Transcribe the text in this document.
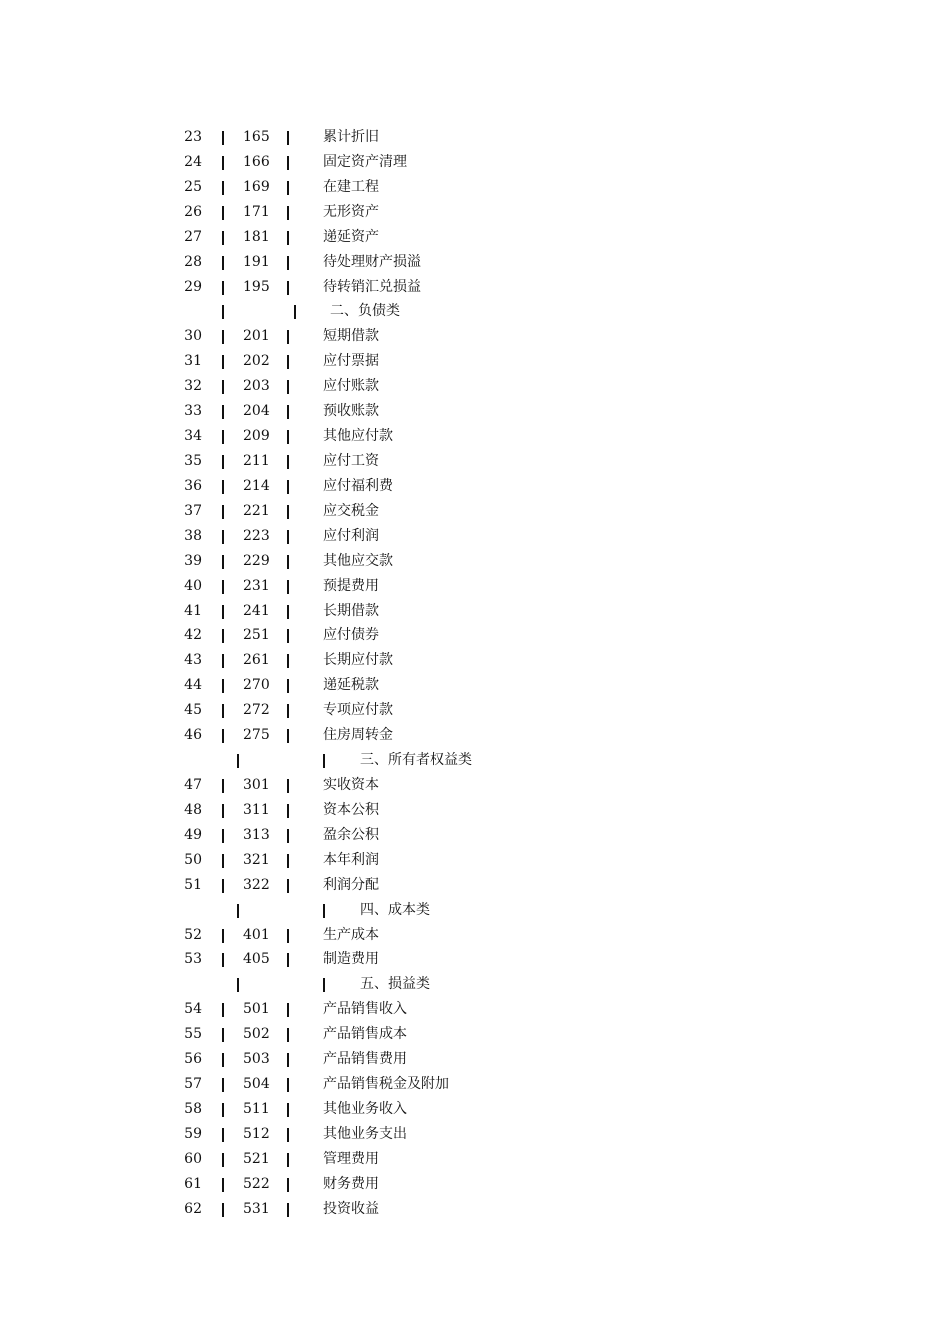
23	165	累计折旧
24	166	固定资产清理
25	169	在建工程
26	171	无形资产
27	181	递延资产
28	191	待处理财产损溢
29	195	待转销汇兑损益
二、负债类
30	201	短期借款
31	202	应付票据
32	203	应付账款
33	204	预收账款
34	209	其他应付款
35	211	应付工资
36	214	应付福利费
37	221	应交税金
38	223	应付利润
39	229	其他应交款
40	231	预提费用
41	241	长期借款
42	251	应付债券
43	261	长期应付款
44	270	递延税款
45	272	专项应付款
46	275	住房周转金
三、所有者权益类
47	301	实收资本
48	311	资本公积
49	313	盈余公积
50	321	本年利润
51	322	利润分配
四、成本类
52	401	生产成本
53	405	制造费用
五、损益类
54	501	产品销售收入
55	502	产品销售成本
56	503	产品销售费用
57	504	产品销售税金及附加
58	511	其他业务收入
59	512	其他业务支出
60	521	管理费用
61	522	财务费用
62	531	投资收益
